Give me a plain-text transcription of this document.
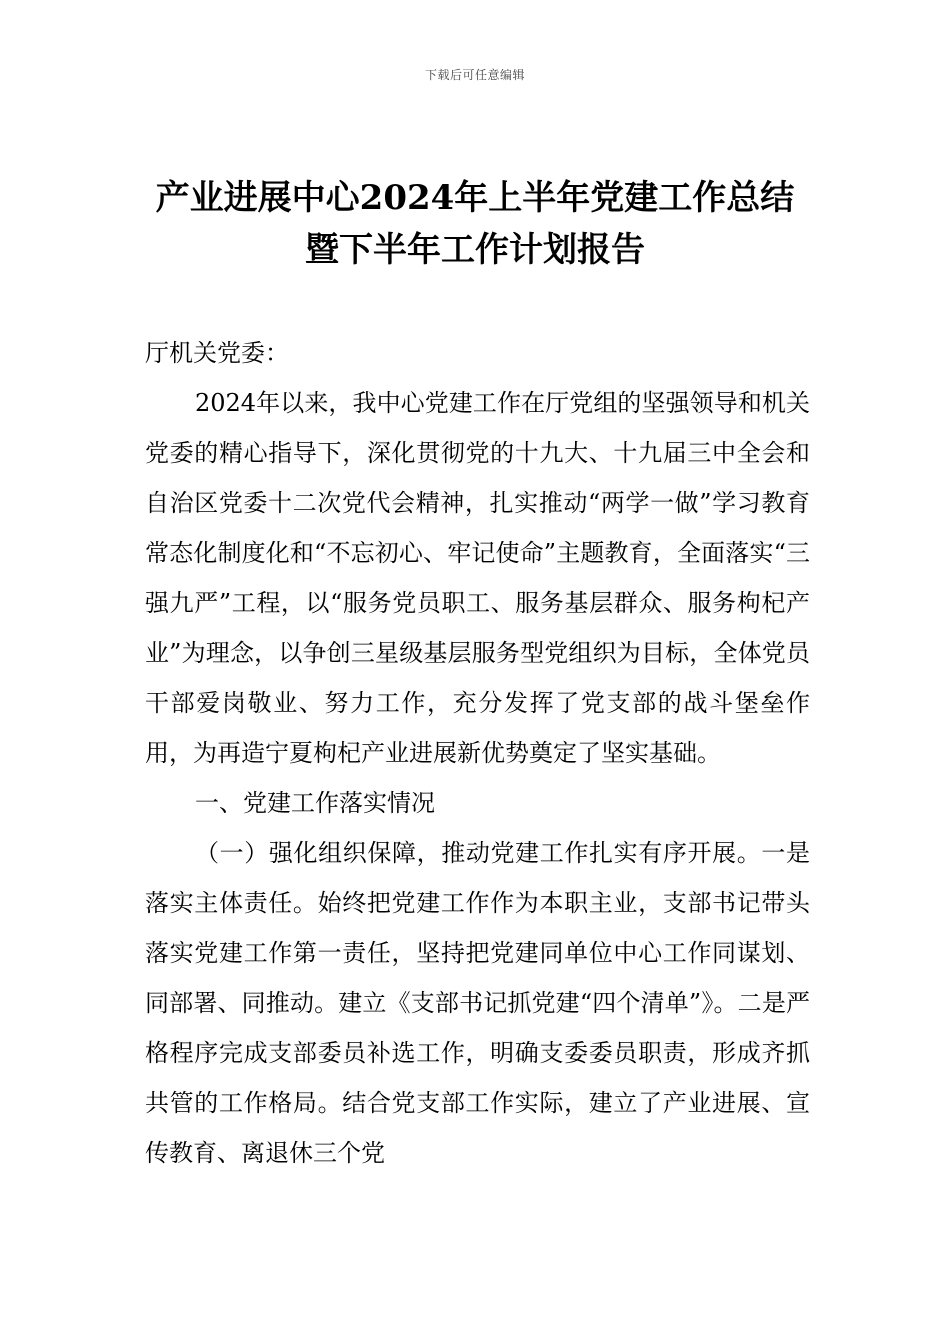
下载后可任意编辑
产业进展中心2024年上半年党建工作总结
暨下半年工作计划报告

厅机关党委：

2024年以来，我中心党建工作在厅党组的坚强领导和机关党委的精心指导下，深化贯彻党的十九大、十九届三中全会和自治区党委十二次党代会精神，扎实推动“两学一做”学习教育常态化制度化和“不忘初心、牢记使命”主题教育，全面落实“三强九严”工程，以“服务党员职工、服务基层群众、服务枸杞产业”为理念，以争创三星级基层服务型党组织为目标，全体党员干部爱岗敬业、努力工作，充分发挥了党支部的战斗堡垒作用，为再造宁夏枸杞产业进展新优势奠定了坚实基础。

一、党建工作落实情况

（一）强化组织保障，推动党建工作扎实有序开展。一是落实主体责任。始终把党建工作作为本职主业，支部书记带头落实党建工作第一责任，坚持把党建同单位中心工作同谋划、同部署、同推动。建立《支部书记抓党建“四个清单”》。二是严格程序完成支部委员补选工作，明确支委委员职责，形成齐抓共管的工作格局。结合党支部工作实际，建立了产业进展、宣传教育、离退休三个党
